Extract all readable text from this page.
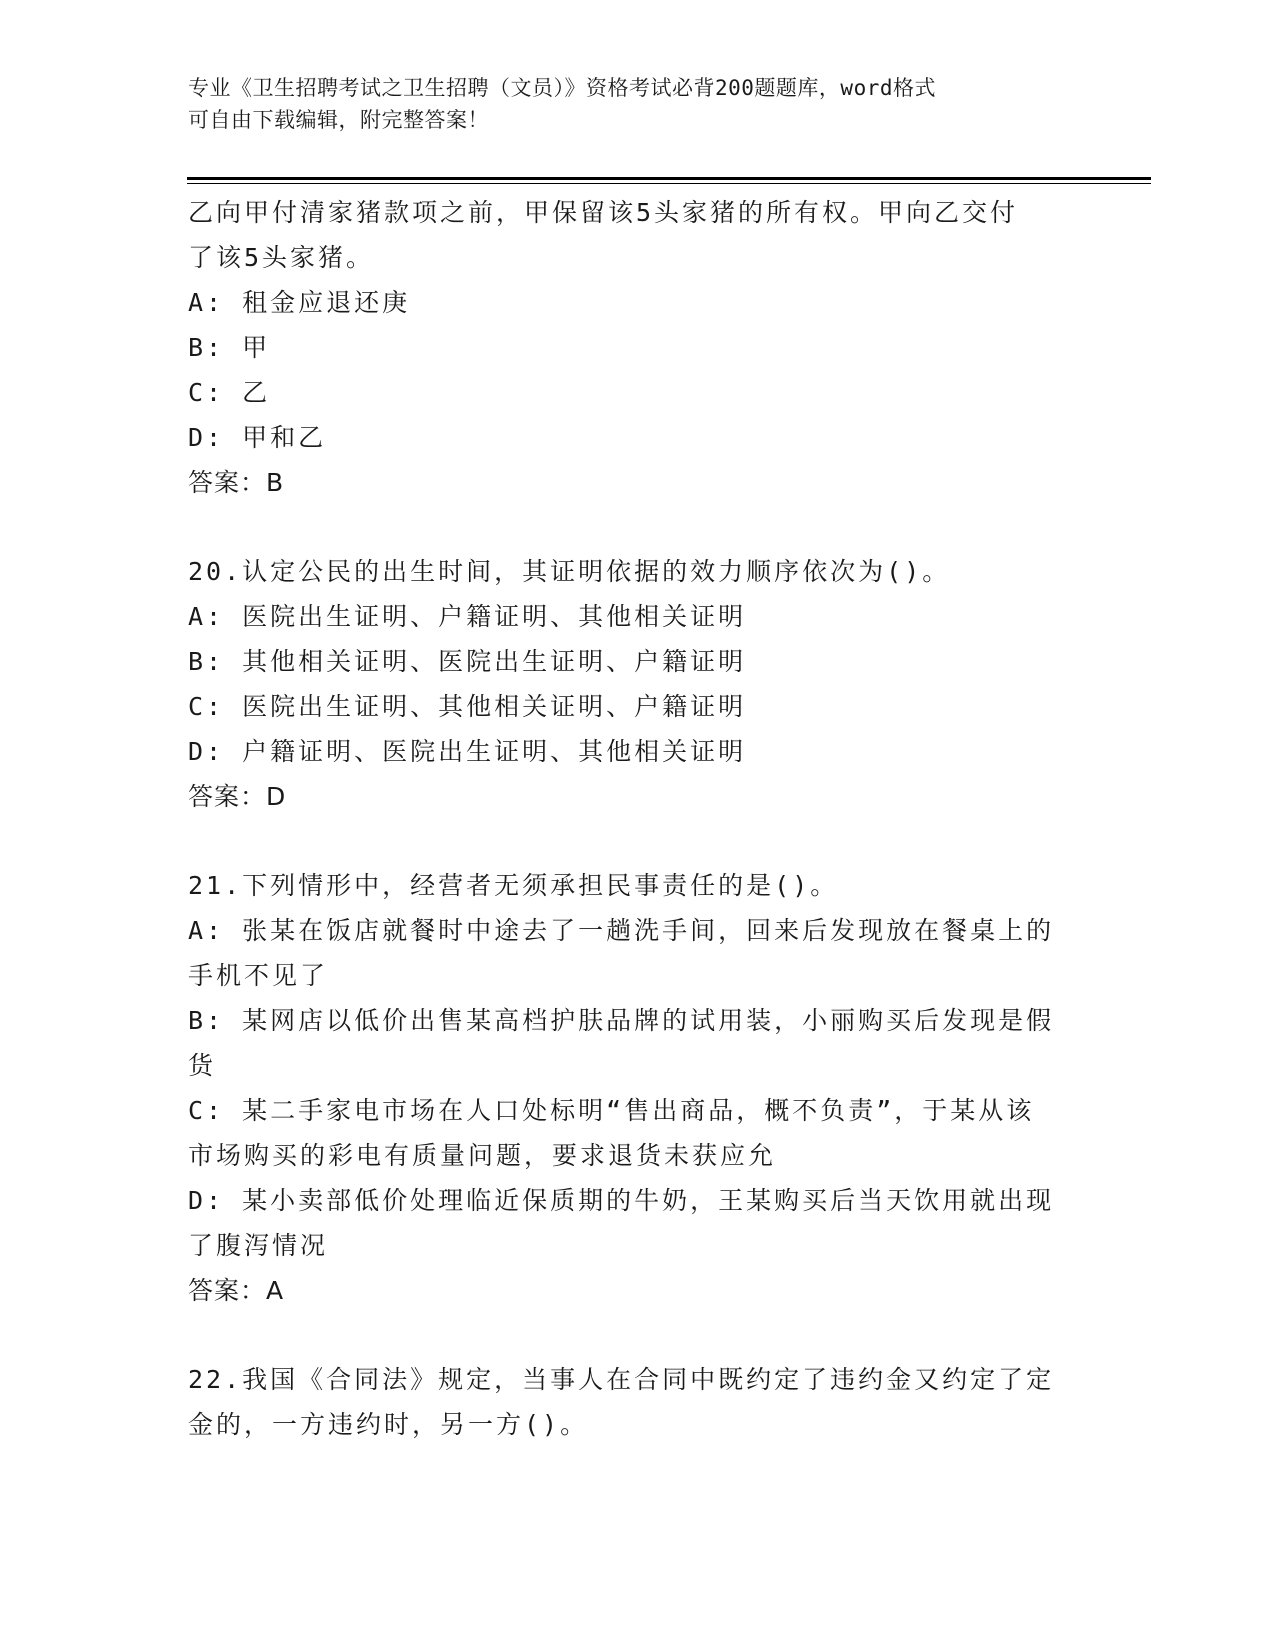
专业《卫生招聘考试之卫生招聘（文员）》资格考试必背200题题库，word格式
可自由下载编辑，附完整答案！
乙向甲付清家猪款项之前，甲保留该5头家猪的所有权。甲向乙交付
了该5头家猪。
A: 租金应退还庚
B: 甲
C: 乙
D: 甲和乙
答案：B
20.认定公民的出生时间，其证明依据的效力顺序依次为()。
A: 医院出生证明、户籍证明、其他相关证明
B: 其他相关证明、医院出生证明、户籍证明
C: 医院出生证明、其他相关证明、户籍证明
D: 户籍证明、医院出生证明、其他相关证明
答案：D
21.下列情形中，经营者无须承担民事责任的是()。
A: 张某在饭店就餐时中途去了一趟洗手间，回来后发现放在餐桌上的
手机不见了
B: 某网店以低价出售某高档护肤品牌的试用装，小丽购买后发现是假
货
C: 某二手家电市场在人口处标明“售出商品，概不负责”，于某从该
市场购买的彩电有质量问题，要求退货未获应允
D: 某小卖部低价处理临近保质期的牛奶，王某购买后当天饮用就出现
了腹泻情况
答案：A
22.我国《合同法》规定，当事人在合同中既约定了违约金又约定了定
金的，一方违约时，另一方()。
